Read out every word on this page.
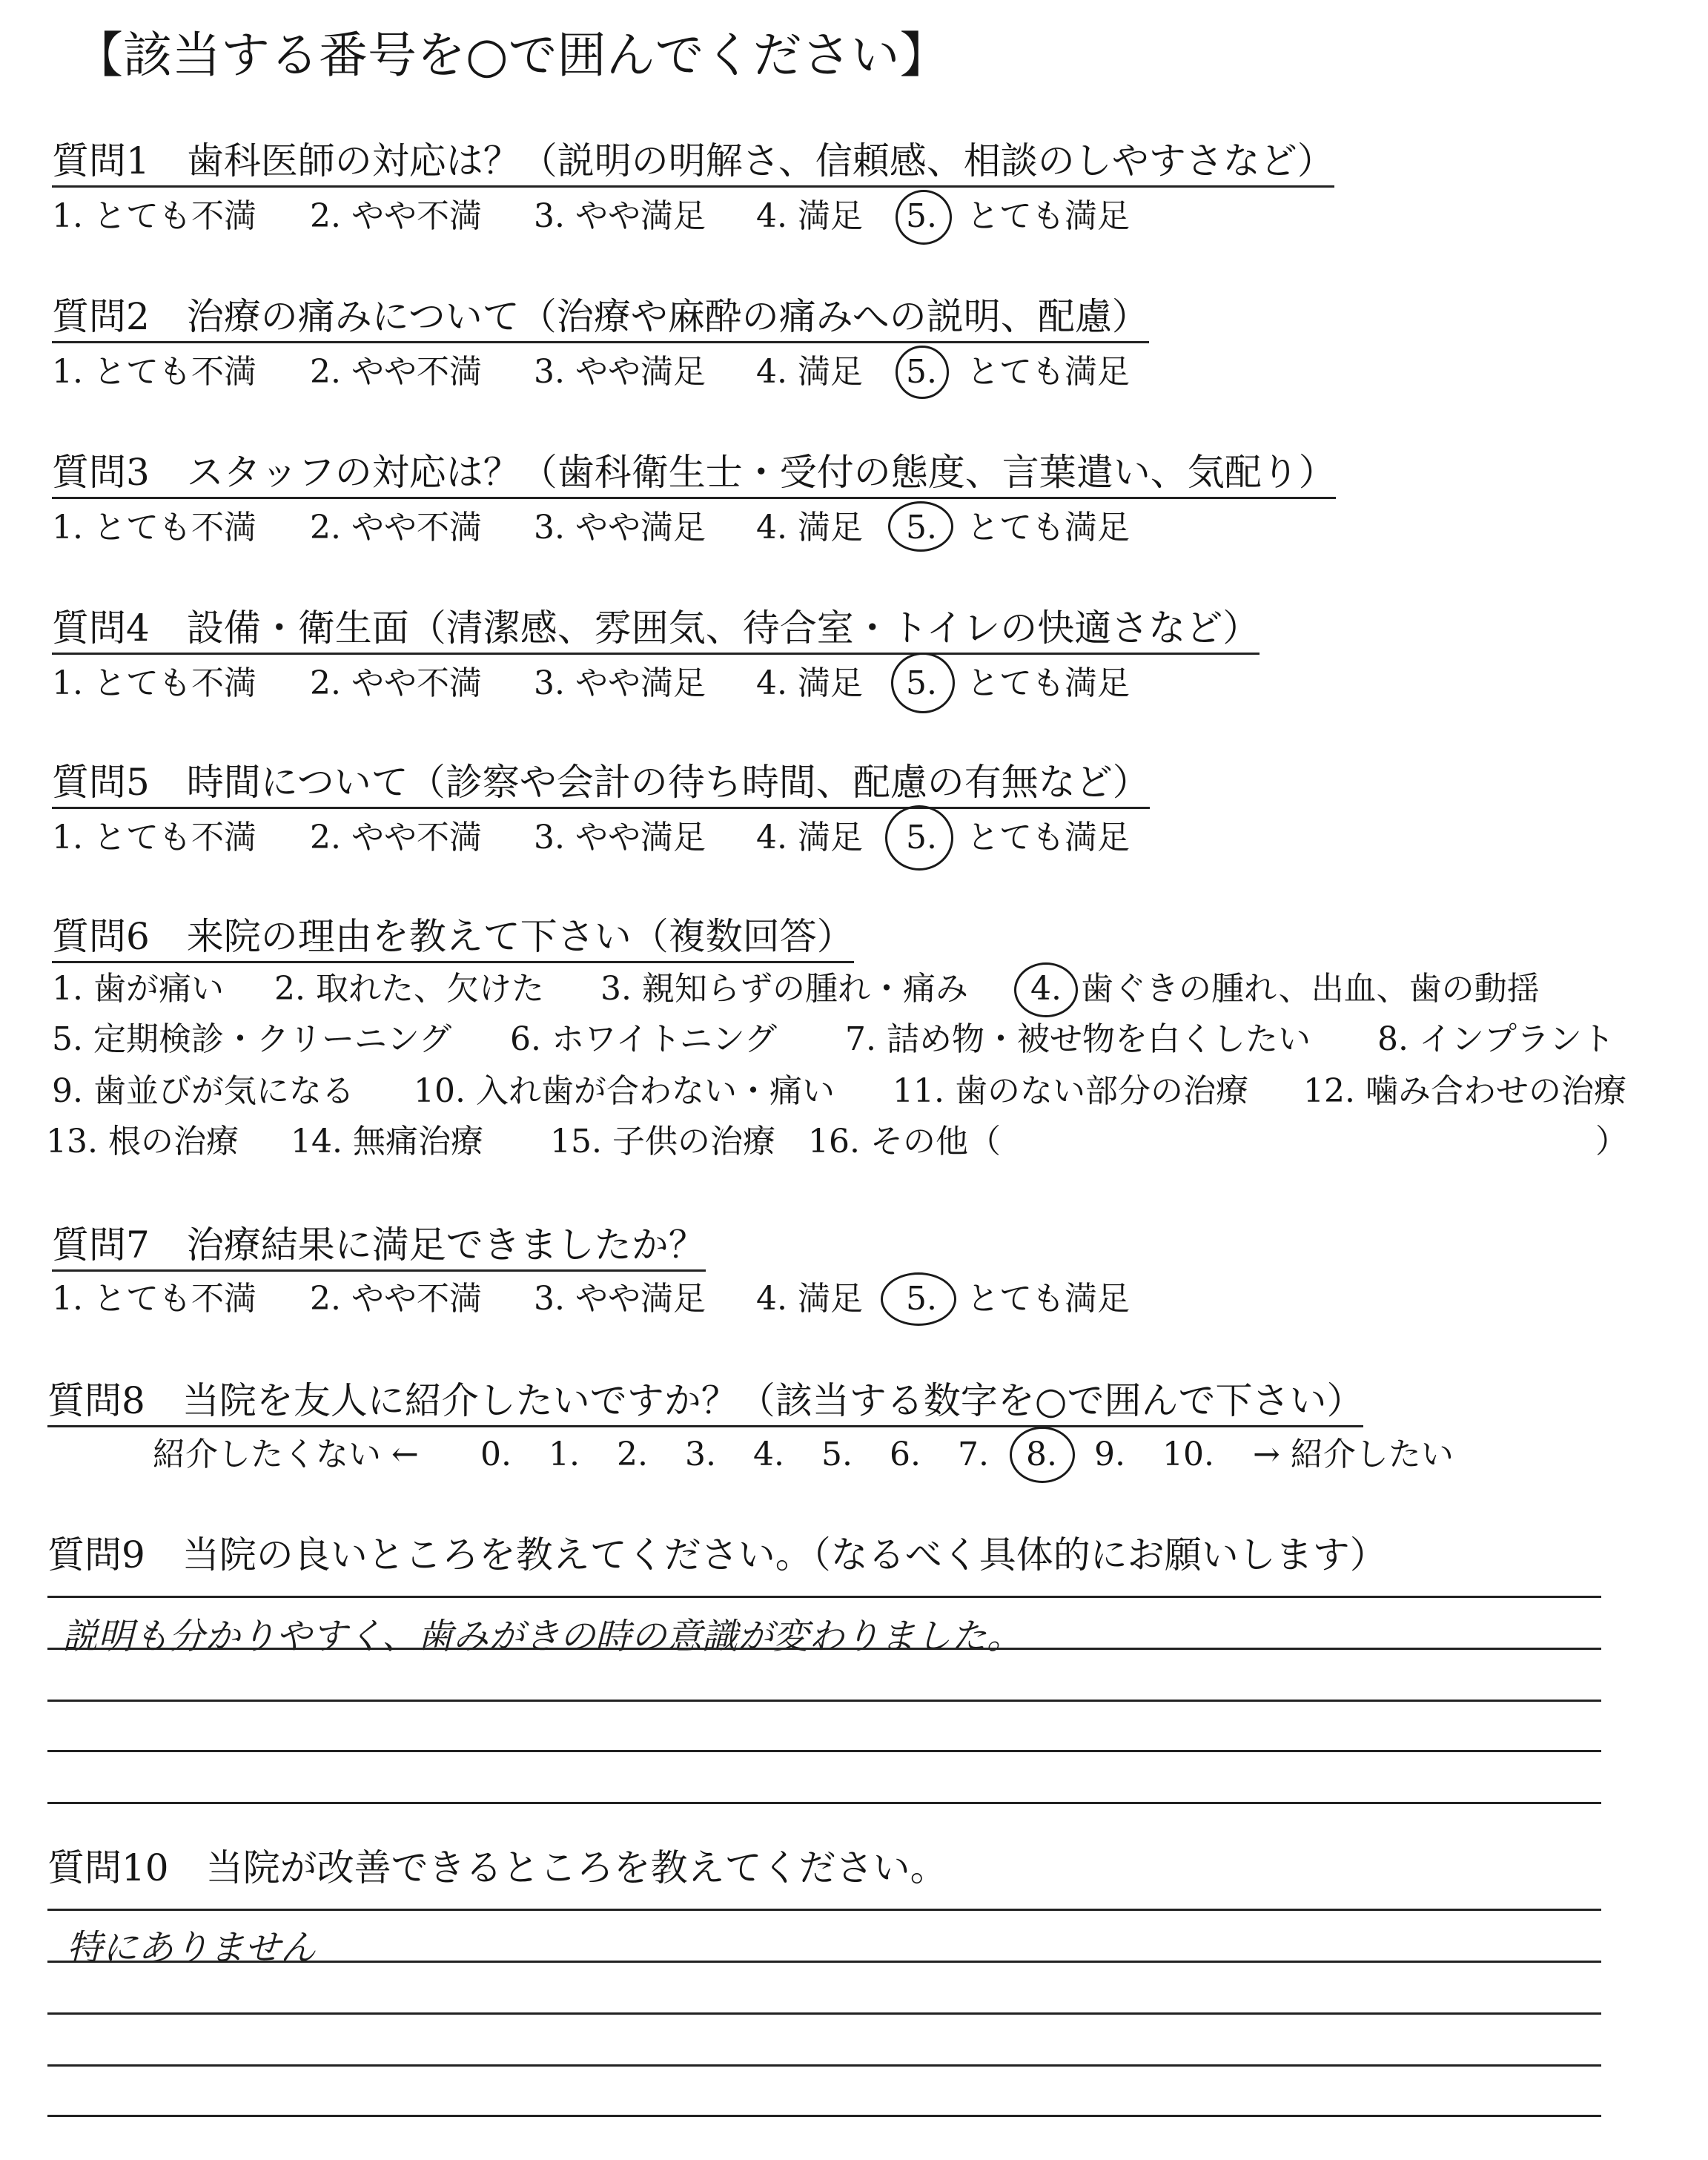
【該当する番号を○で囲んでください】
質問1　歯科医師の対応は？（説明の明解さ、信頼感、相談のしやすさなど）
1. とても不満 2. やや不満 3. やや満足 4. 満足 5. とても満足
質問2　治療の痛みについて（治療や麻酔の痛みへの説明、配慮）
1. とても不満 2. やや不満 3. やや満足 4. 満足 5. とても満足
質問3　スタッフの対応は？（歯科衛生士・受付の態度、言葉遣い、気配り）
1. とても不満 2. やや不満 3. やや満足 4. 満足 5. とても満足
質問4　設備・衛生面（清潔感、雰囲気、待合室・トイレの快適さなど）
1. とても不満 2. やや不満 3. やや満足 4. 満足 5. とても満足
質問5　時間について（診察や会計の待ち時間、配慮の有無など）
1. とても不満 2. やや不満 3. やや満足 4. 満足 5. とても満足
質問6　来院の理由を教えて下さい（複数回答）
1. 歯が痛い 2. 取れた、欠けた 3. 親知らずの腫れ・痛み 4. 歯ぐきの腫れ、出血、歯の動揺
5. 定期検診・クリーニング 6. ホワイトニング 7. 詰め物・被せ物を白くしたい 8. インプラント
9. 歯並びが気になる 10. 入れ歯が合わない・痛い 11. 歯のない部分の治療 12. 噛み合わせの治療
13. 根の治療 14. 無痛治療 15. 子供の治療 16. その他（	）
質問7　治療結果に満足できましたか？
1. とても不満 2. やや不満 3. やや満足 4. 満足 5. とても満足
質問8　当院を友人に紹介したいですか？（該当する数字を○で囲んで下さい）
紹介したくない ← 0. 1. 2. 3. 4. 5. 6. 7. 8. 9. 10. → 紹介したい
質問9　当院の良いところを教えてください。（なるべく具体的にお願いします）
説明も分かりやすく、歯みがきの時の意識が変わりました。
質問10　当院が改善できるところを教えてください。
特にありません
